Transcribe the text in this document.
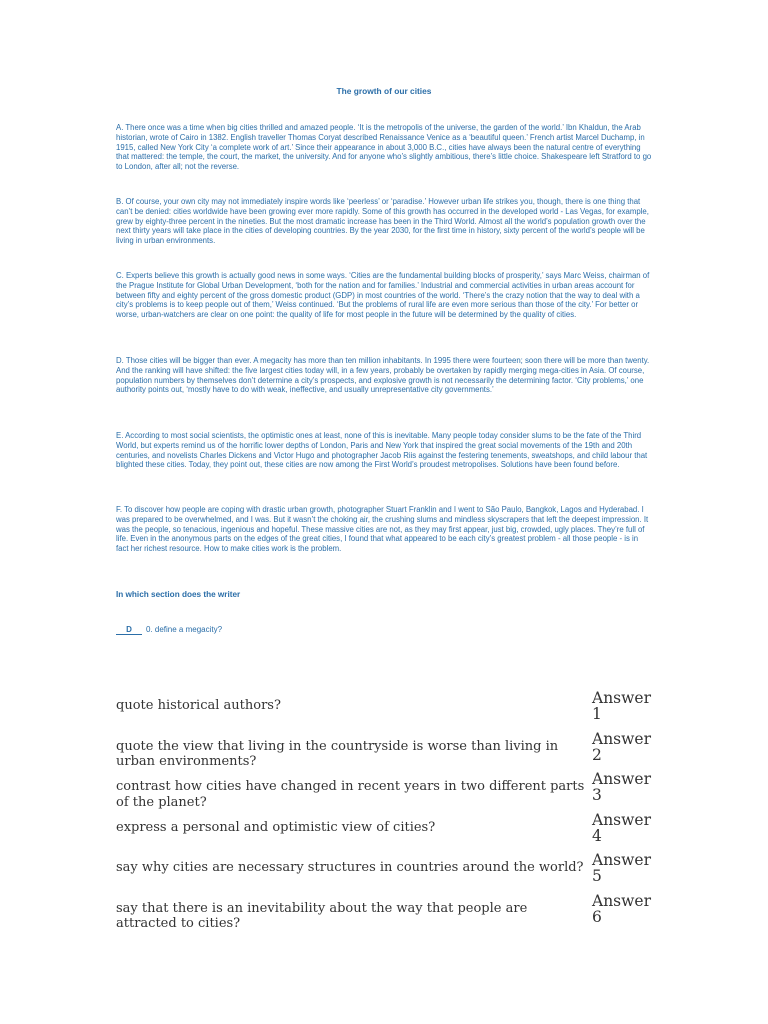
The growth of our cities
A. There once was a time when big cities thrilled and amazed people. ‘It is the metropolis of the universe, the garden of the world.’ Ibn Khaldun, the Arab historian, wrote of Cairo in 1382. English traveller Thomas Coryat described Renaissance Venice as a ‘beautiful queen.’ French artist Marcel Duchamp, in 1915, called New York City ‘a complete work of art.’ Since their appearance in about 3,000 B.C., cities have always been the natural centre of everything that mattered: the temple, the court, the market, the university. And for anyone who’s slightly ambitious, there’s little choice. Shakespeare left Stratford to go to London, after all; not the reverse.
B. Of course, your own city may not immediately inspire words like ‘peerless’ or ‘paradise.’ However urban life strikes you, though, there is one thing that can’t be denied: cities worldwide have been growing ever more rapidly. Some of this growth has occurred in the developed world - Las Vegas, for example, grew by eighty-three percent in the nineties. But the most dramatic increase has been in the Third World. Almost all the world’s population growth over the next thirty years will take place in the cities of developing countries. By the year 2030, for the first time in history, sixty percent of the world’s people will be living in urban environments.
C. Experts believe this growth is actually good news in some ways. ‘Cities are the fundamental building blocks of prosperity,’ says Marc Weiss, chairman of the Prague Institute for Global Urban Development, ‘both for the nation and for families.’ Industrial and commercial activities in urban areas account for between fifty and eighty percent of the gross domestic product (GDP) in most countries of the world. ‘There’s the crazy notion that the way to deal with a city’s problems is to keep people out of them,’ Weiss continued. ‘But the problems of rural life are even more serious than those of the city.’ For better or worse, urban-watchers are clear on one point: the quality of life for most people in the future will be determined by the quality of cities.
D. Those cities will be bigger than ever. A megacity has more than ten million inhabitants. In 1995 there were fourteen; soon there will be more than twenty. And the ranking will have shifted: the five largest cities today will, in a few years, probably be overtaken by rapidly merging mega-cities in Asia. Of course, population numbers by themselves don’t determine a city’s prospects, and explosive growth is not necessarily the determining factor. ‘City problems,’ one authority points out, ‘mostly have to do with weak, ineffective, and usually unrepresentative city governments.’
E. According to most social scientists, the optimistic ones at least, none of this is inevitable. Many people today consider slums to be the fate of the Third World, but experts remind us of the horrific lower depths of London, Paris and New York that inspired the great social movements of the 19th and 20th centuries, and novelists Charles Dickens and Victor Hugo and photographer Jacob Riis against the festering tenements, sweatshops, and child labour that blighted these cities. Today, they point out, these cities are now among the First World’s proudest metropolises. Solutions have been found before.
F. To discover how people are coping with drastic urban growth, photographer Stuart Franklin and I went to São Paulo, Bangkok, Lagos and Hyderabad. I was prepared to be overwhelmed, and I was. But it wasn’t the choking air, the crushing slums and mindless skyscrapers that left the deepest impression. It was the people, so tenacious, ingenious and hopeful. These massive cities are not, as they may first appear, just big, crowded, ugly places. They’re full of life. Even in the anonymous parts on the edges of the great cities, I found that what appeared to be each city’s greatest problem - all those people - is in fact her richest resource. How to make cities work is the problem.
In which section does the writer
D 0. define a megacity?
quote historical authors?	Answer 1
quote the view that living in the countryside is worse than living in urban environments?
Answer 2
contrast how cities have changed in recent years in two different parts of the planet?
Answer 3
express a personal and optimistic view of cities?	Answer 4
say why cities are necessary structures in countries around the world? Answer 5
say that there is an inevitability about the way that people are attracted to cities?
Answer 6
